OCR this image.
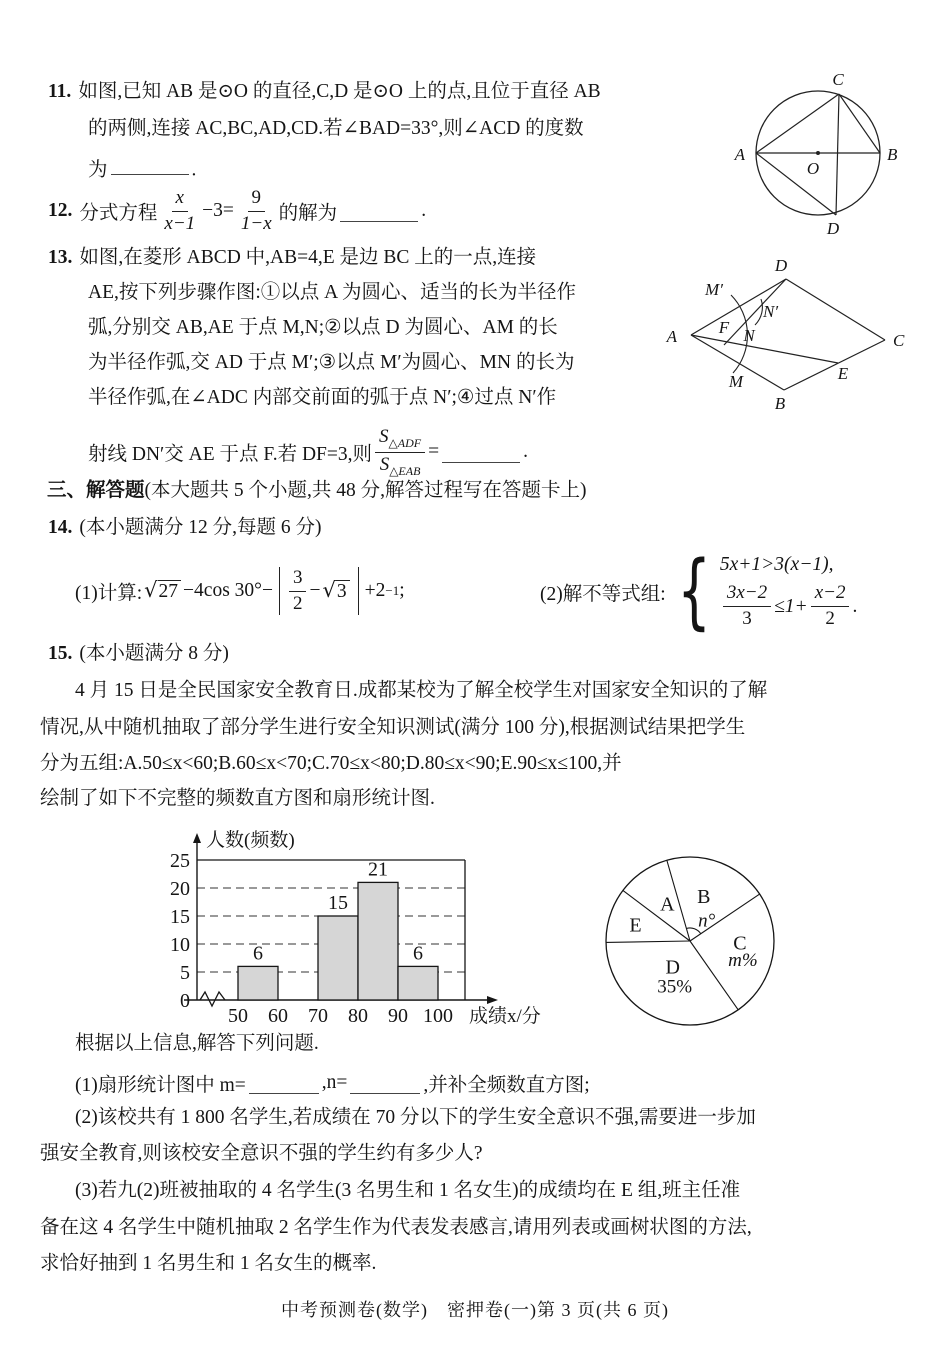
11. 如图,已知 AB 是⊙O 的直径,C,D 是⊙O 上的点,且位于直径 AB
的两侧,连接 AC,BC,AD,CD.若∠BAD=33°,则∠ACD 的度数
为	.
A	B
C
D
O
12. 分式方程 $\frac{x}{x-1} -3= \frac{9}{1-x}$ 的解为	.
13. 如图,在菱形 ABCD 中,AB=4,E 是边 BC 上的一点,连接
AE,按下列步骤作图:①以点 A 为圆心、适当的长为半径作
弧,分别交 AB,AE 于点 M,N;②以点 D 为圆心、AM 的长
为半径作弧,交 AD 于点 M′;③以点 M′为圆心、MN 的长为
半径作弧,在∠ADC 内部交前面的弧于点 N′;④过点 N′作
射线 DN′交 AE 于点 F.若 DF=3,则 $\frac{S_{\triangle ADF}}{S_{\triangle EAB}}$ =	.
D
M′
N′
A F N	C
M	E
B
三、解答题(本大题共 5 个小题,共 48 分,解答过程写在答题卡上)
14. (本小题满分 12 分,每题 6 分)
(1)计算: √ 27 −4cos $30^\circ- \frac{3}{2}$ − √ 3 +2 −1 ;	(2)解不等式组: { 5x+1>3(x−1),
$\frac{3x-2}{3} \le 1+ \frac{x-2}{2}$ .
15. (本小题满分 8 分)
4 月 15 日是全民国家安全教育日.成都某校为了解全校学生对国家安全知识的了解
情况,从中随机抽取了部分学生进行安全知识测试(满分 100 分),根据测试结果把学生
分为五组:A.50≤x<60;B.60≤x<70;C.70≤x<80;D.80≤x<90;E.90≤x≤100,并
绘制了如下不完整的频数直方图和扇形统计图.
6
15
21
6
0
5
10
15
20
25
50 60 70 80 90 100
人数(频数)
成绩x/分
B
n°
A
E
D
35%
C
m%
根据以上信息,解答下列问题.
(1)扇形统计图中 m=	,n=	,并补全频数直方图;
(2)该校共有 1 800 名学生,若成绩在 70 分以下的学生安全意识不强,需要进一步加
强安全教育,则该校安全意识不强的学生约有多少人?
(3)若九(2)班被抽取的 4 名学生(3 名男生和 1 名女生)的成绩均在 E 组,班主任准
备在这 4 名学生中随机抽取 2 名学生作为代表发表感言,请用列表或画树状图的方法,
求恰好抽到 1 名男生和 1 名女生的概率.
中考预测卷(数学)　密押卷(一)第 3 页(共 6 页)
